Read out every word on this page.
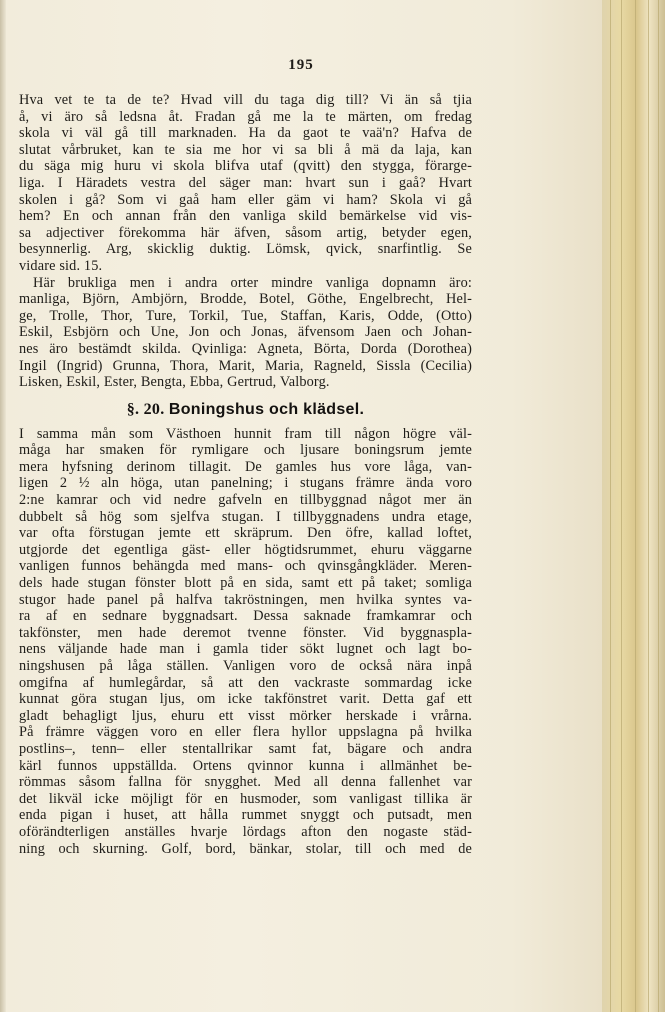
195
Hva vet te ta de te? Hvad vill du taga dig till? Vi än så tjia
å, vi äro så ledsna åt. Fradan gå me la te märten, om fredag
skola vi väl gå till marknaden. Ha da gaot te vaä'n? Hafva de
slutat vårbruket, kan te sia me hor vi sa bli å mä da laja, kan
du säga mig huru vi skola blifva utaf (qvitt) den stygga, förarge-
liga. I Häradets vestra del säger man: hvart sun i gaå? Hvart
skolen i gå? Som vi gaå ham eller gäm vi ham? Skola vi gå
hem? En och annan från den vanliga skild bemärkelse vid vis-
sa adjectiver förekomma här äfven, såsom artig, betyder egen,
besynnerlig. Arg, skicklig duktig. Lömsk, qvick, snarfintlig. Se
vidare sid. 15.
Här brukliga men i andra orter mindre vanliga dopnamn äro:
manliga, Björn, Ambjörn, Brodde, Botel, Göthe, Engelbrecht, Hel-
ge, Trolle, Thor, Ture, Torkil, Tue, Staffan, Karis, Odde, (Otto)
Eskil, Esbjörn och Une, Jon och Jonas, äfvensom Jaen och Johan-
nes äro bestämdt skilda. Qvinliga: Agneta, Börta, Dorda (Dorothea)
Ingil (Ingrid) Grunna, Thora, Marit, Maria, Ragneld, Sissla (Cecilia)
Lisken, Eskil, Ester, Bengta, Ebba, Gertrud, Valborg.
§. 20. Boningshus och klädsel.
I samma mån som Västhoen hunnit fram till någon högre väl-
måga har smaken för rymligare och ljusare boningsrum jemte
mera hyfsning derinom tillagit. De gamles hus vore låga, van-
ligen 2 ½ aln höga, utan panelning; i stugans främre ända voro
2:ne kamrar och vid nedre gafveln en tillbyggnad något mer än
dubbelt så hög som sjelfva stugan. I tillbyggnadens undra etage,
var ofta förstugan jemte ett skräprum. Den öfre, kallad loftet,
utgjorde det egentliga gäst- eller högtidsrummet, ehuru väggarne
vanligen funnos behängda med mans- och qvinsgångkläder. Meren-
dels hade stugan fönster blott på en sida, samt ett på taket; somliga
stugor hade panel på halfva takröstningen, men hvilka syntes va-
ra af en sednare byggnadsart. Dessa saknade framkamrar och
takfönster, men hade deremot tvenne fönster. Vid byggnaspla-
nens väljande hade man i gamla tider sökt lugnet och lagt bo-
ningshusen på låga ställen. Vanligen voro de också nära inpå
omgifna af humlegårdar, så att den vackraste sommardag icke
kunnat göra stugan ljus, om icke takfönstret varit. Detta gaf ett
gladt behagligt ljus, ehuru ett visst mörker herskade i vrårna.
På främre väggen voro en eller flera hyllor uppslagna på hvilka
postlins–, tenn– eller stentallrikar samt fat, bägare och andra
kärl funnos uppställda. Ortens qvinnor kunna i allmänhet be-
römmas såsom fallna för snygghet. Med all denna fallenhet var
det likväl icke möjligt för en husmoder, som vanligast tillika är
enda pigan i huset, att hålla rummet snyggt och putsadt, men
oförändterligen anställes hvarje lördags afton den nogaste städ-
ning och skurning. Golf, bord, bänkar, stolar, till och med de
